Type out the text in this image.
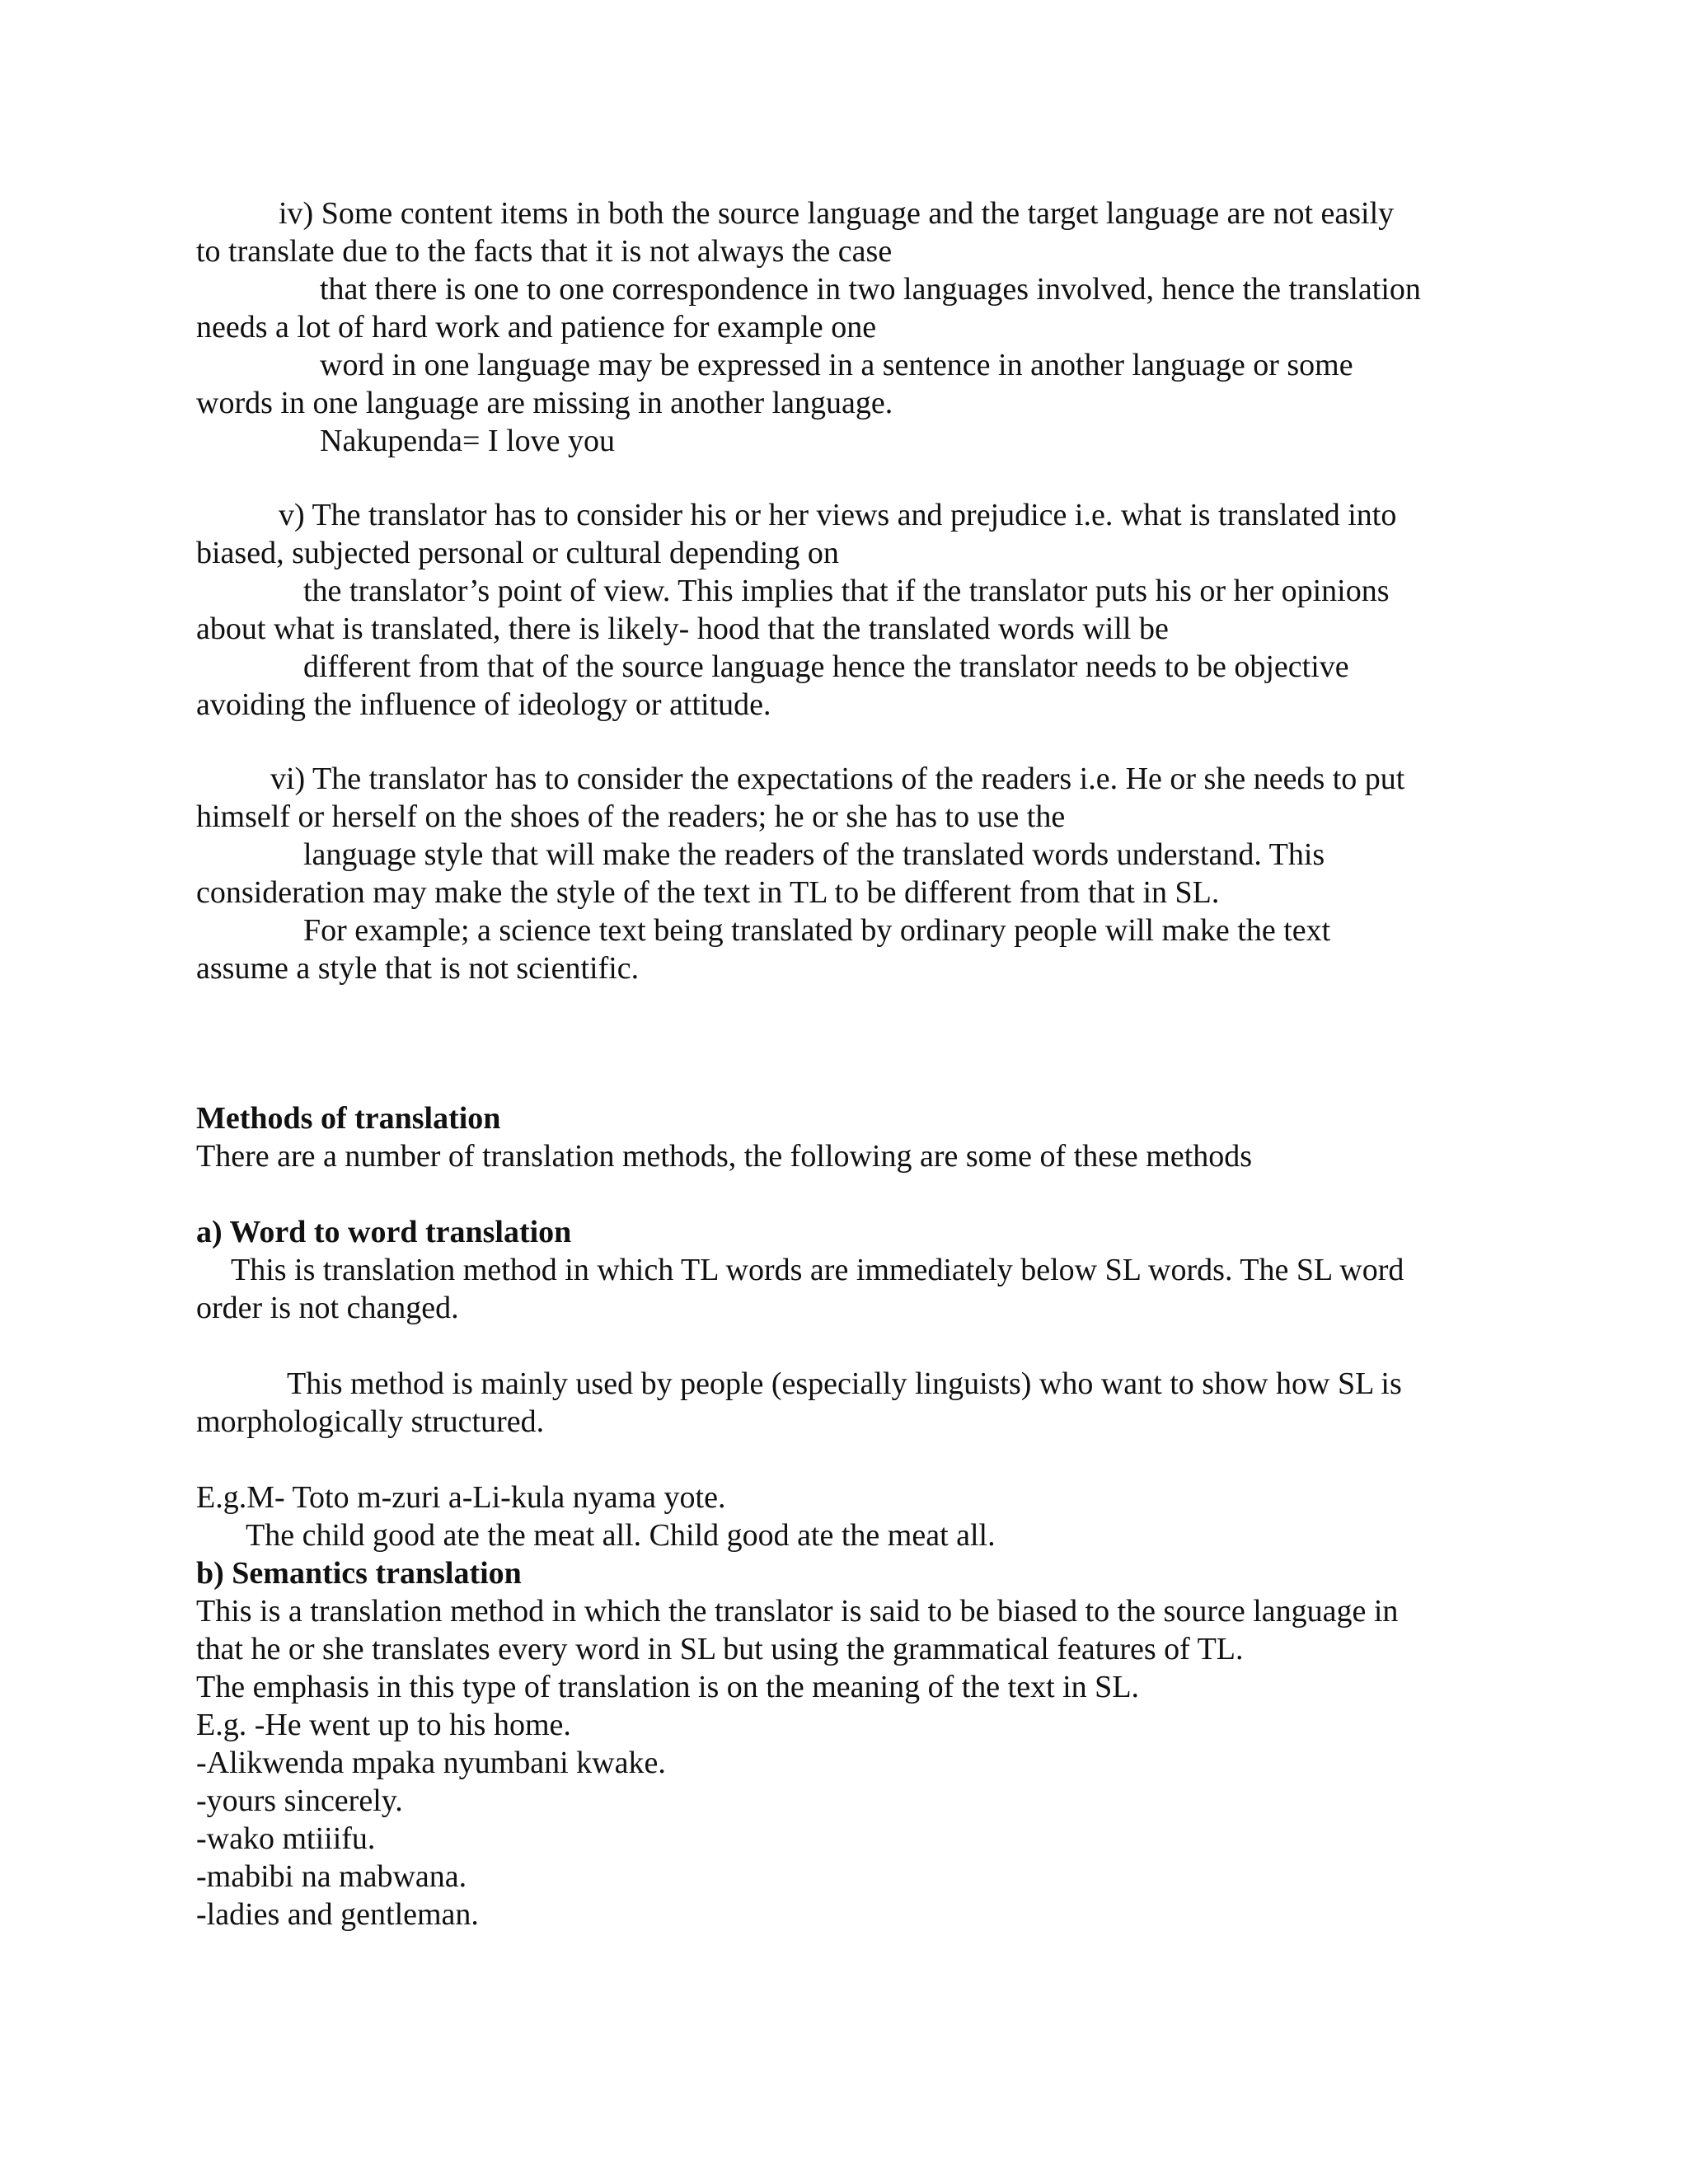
iv) Some content items in both the source language and the target language are not easily
to translate due to the facts that it is not always the case
that there is one to one correspondence in two languages involved, hence the translation
needs a lot of hard work and patience for example one
word in one language may be expressed in a sentence in another language or some
words in one language are missing in another language.
Nakupenda= I love you
v) The translator has to consider his or her views and prejudice i.e. what is translated into
biased, subjected personal or cultural depending on
the translator’s point of view. This implies that if the translator puts his or her opinions
about what is translated, there is likely- hood that the translated words will be
different from that of the source language hence the translator needs to be objective
avoiding the influence of ideology or attitude.
vi) The translator has to consider the expectations of the readers i.e. He or she needs to put
himself or herself on the shoes of the readers; he or she has to use the
language style that will make the readers of the translated words understand. This
consideration may make the style of the text in TL to be different from that in SL.
For example; a science text being translated by ordinary people will make the text
assume a style that is not scientific.
Methods of translation
There are a number of translation methods, the following are some of these methods
a) Word to word translation
This is translation method in which TL words are immediately below SL words. The SL word
order is not changed.
This method is mainly used by people (especially linguists) who want to show how SL is
morphologically structured.
E.g.M- Toto m-zuri a-Li-kula nyama yote.
The child good ate the meat all. Child good ate the meat all.
b) Semantics translation
This is a translation method in which the translator is said to be biased to the source language in
that he or she translates every word in SL but using the grammatical features of TL.
The emphasis in this type of translation is on the meaning of the text in SL.
E.g. -He went up to his home.
-Alikwenda mpaka nyumbani kwake.
-yours sincerely.
-wako mtiiifu.
-mabibi na mabwana.
-ladies and gentleman.
